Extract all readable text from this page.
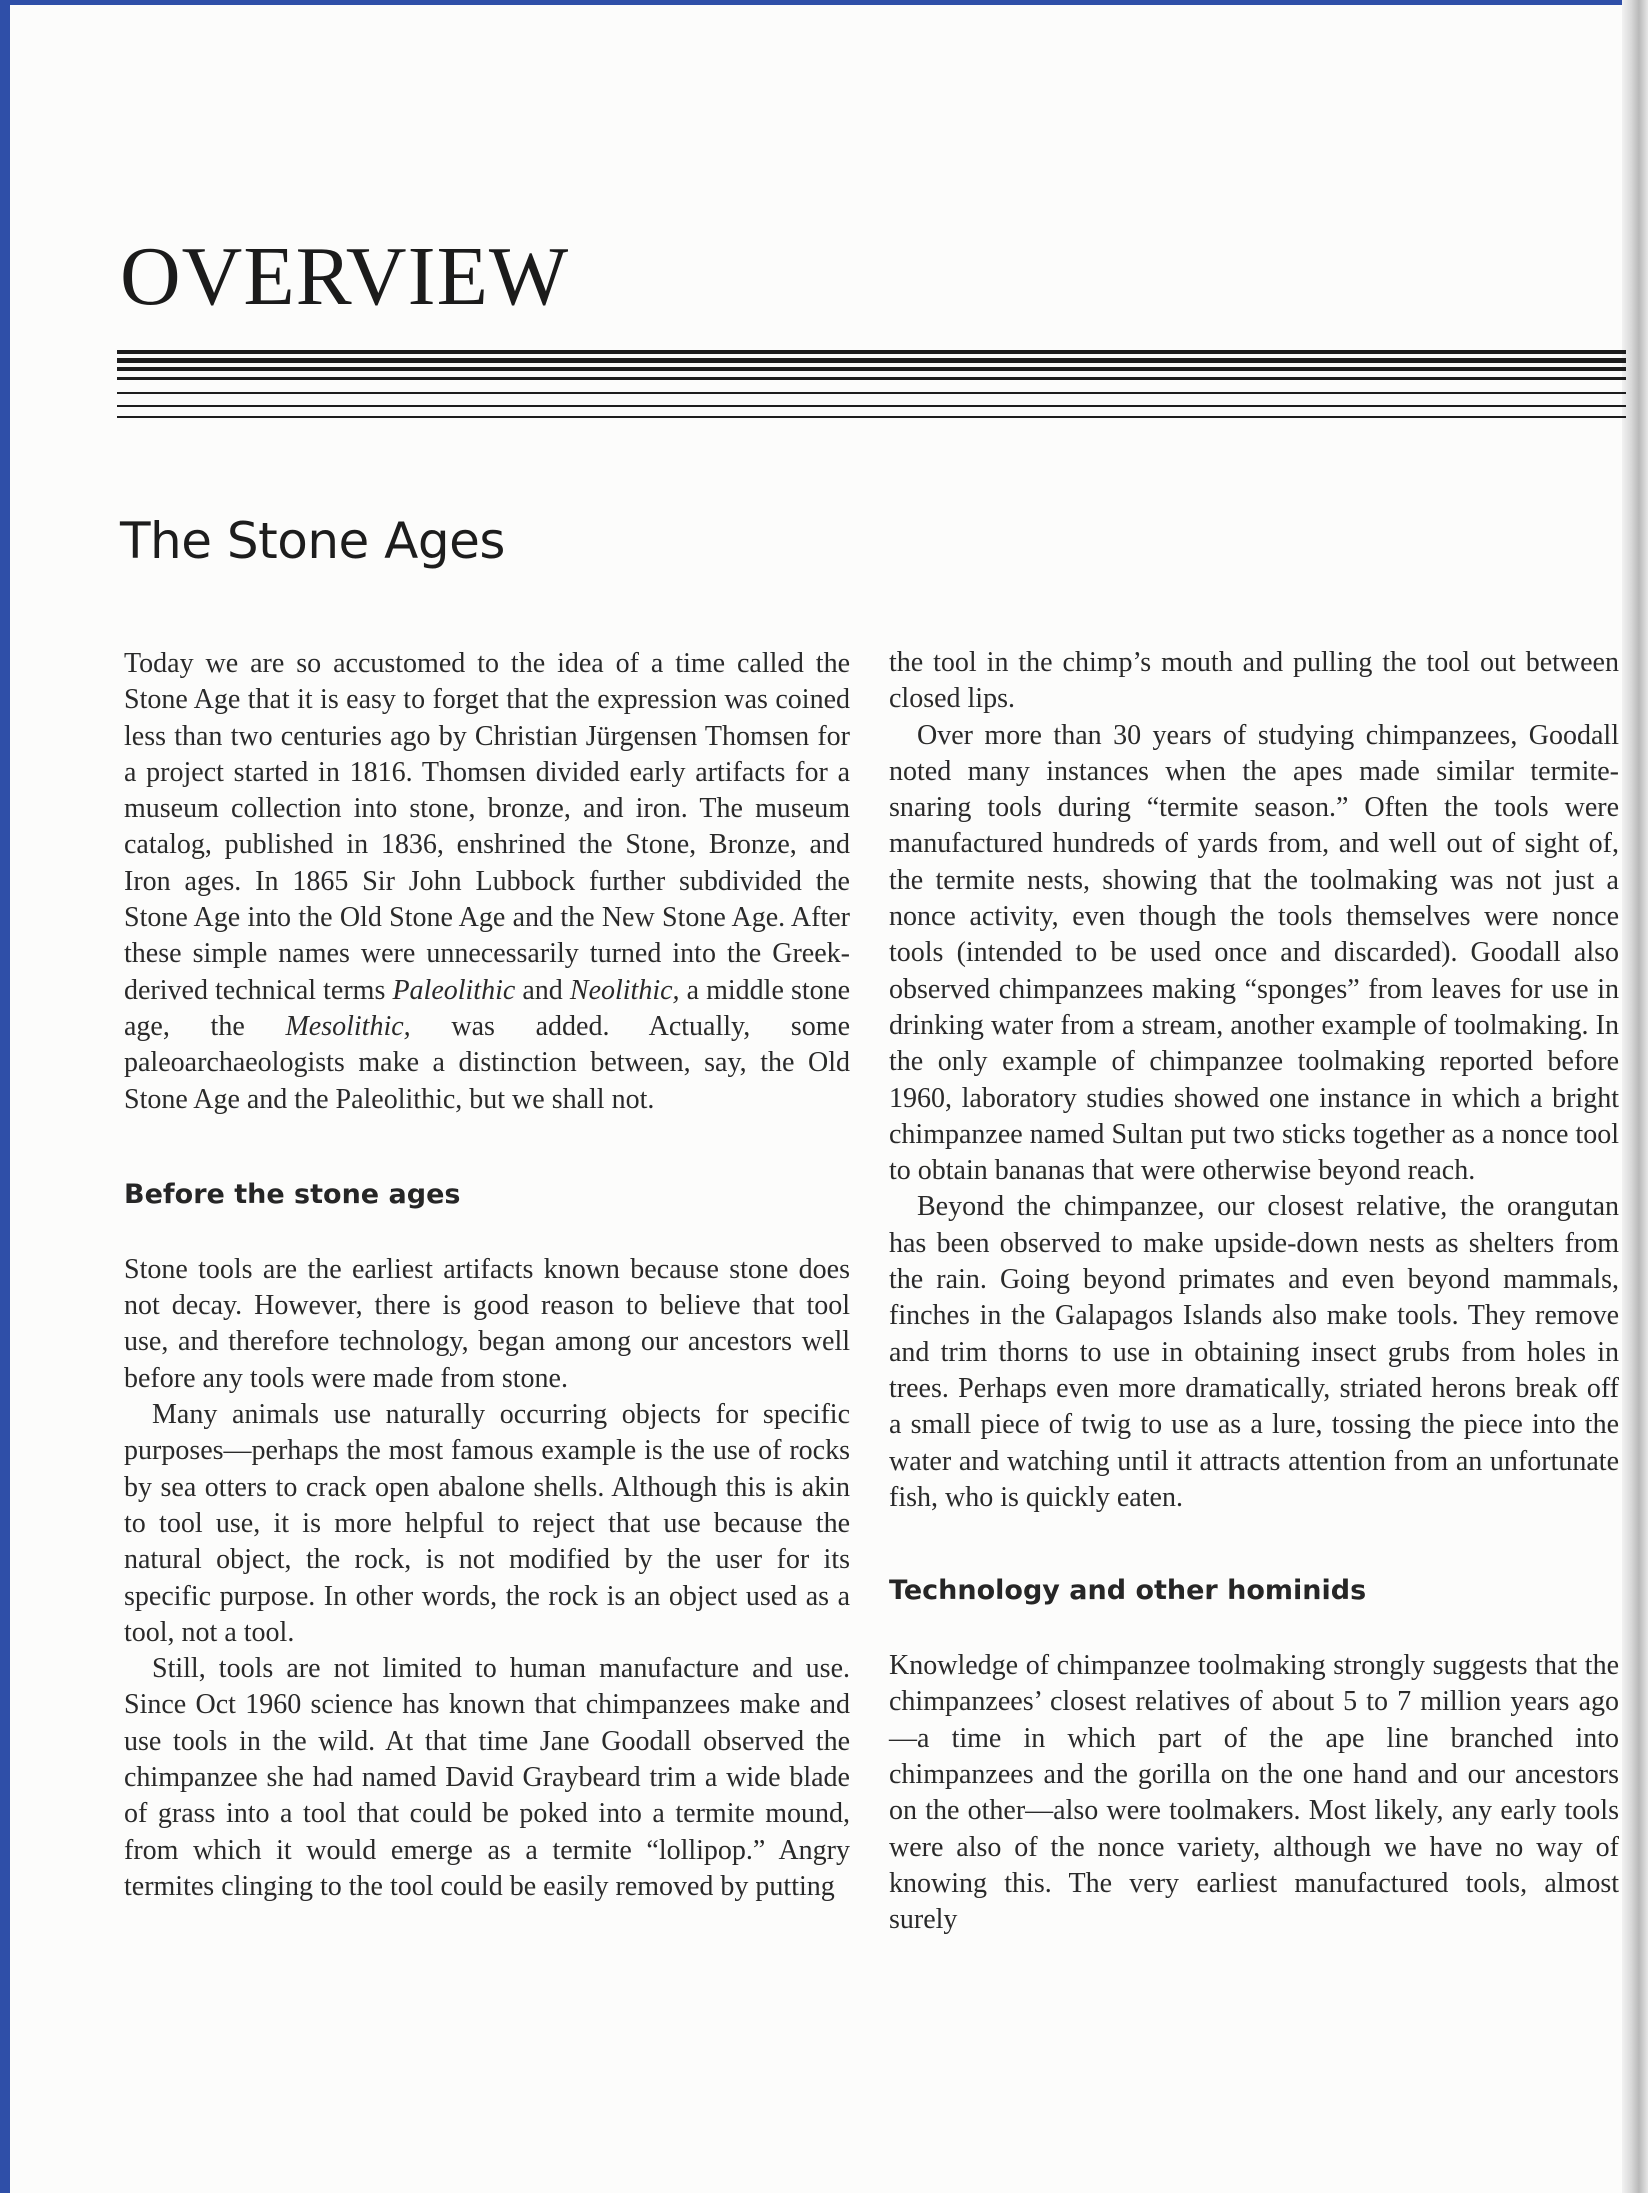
OVERVIEW
The Stone Ages

Today we are so accustomed to the idea of a time called the Stone Age that it is easy to forget that the expression was coined less than two centuries ago by Christian Jürgensen Thomsen for a project started in 1816. Thomsen divided early artifacts for a museum collection into stone, bronze, and iron. The museum catalog, published in 1836, enshrined the Stone, Bronze, and Iron ages. In 1865 Sir John Lubbock further subdivided the Stone Age into the Old Stone Age and the New Stone Age. After these simple names were unnecessarily turned into the Greek-derived technical terms Paleolithic and Neolithic, a middle stone age, the Mesolithic, was added. Actually, some paleoarchaeologists make a distinction between, say, the Old Stone Age and the Paleolithic, but we shall not.

Before the stone ages

Stone tools are the earliest artifacts known because stone does not decay. However, there is good reason to believe that tool use, and therefore technology, began among our ancestors well before any tools were made from stone.

Many animals use naturally occurring objects for specific purposes—perhaps the most famous example is the use of rocks by sea otters to crack open abalone shells. Although this is akin to tool use, it is more helpful to reject that use because the natural object, the rock, is not modified by the user for its specific purpose. In other words, the rock is an object used as a tool, not a tool.

Still, tools are not limited to human manufacture and use. Since Oct 1960 science has known that chimpanzees make and use tools in the wild. At that time Jane Goodall observed the chimpanzee she had named David Graybeard trim a wide blade of grass into a tool that could be poked into a termite mound, from which it would emerge as a termite “lollipop.” Angry termites clinging to the tool could be easily removed by putting

the tool in the chimp’s mouth and pulling the tool out between closed lips.

Over more than 30 years of studying chimpanzees, Goodall noted many instances when the apes made similar termite-snaring tools during “termite season.” Often the tools were manufactured hundreds of yards from, and well out of sight of, the termite nests, showing that the toolmaking was not just a nonce activity, even though the tools themselves were nonce tools (intended to be used once and discarded). Goodall also observed chimpanzees making “sponges” from leaves for use in drinking water from a stream, another example of toolmaking. In the only example of chimpanzee toolmaking reported before 1960, laboratory studies showed one instance in which a bright chimpanzee named Sultan put two sticks together as a nonce tool to obtain bananas that were otherwise beyond reach.

Beyond the chimpanzee, our closest relative, the orangutan has been observed to make upside-down nests as shelters from the rain. Going beyond primates and even beyond mammals, finches in the Galapagos Islands also make tools. They remove and trim thorns to use in obtaining insect grubs from holes in trees. Perhaps even more dramatically, striated herons break off a small piece of twig to use as a lure, tossing the piece into the water and watching until it attracts attention from an unfortunate fish, who is quickly eaten.

Technology and other hominids

Knowledge of chimpanzee toolmaking strongly suggests that the chimpanzees’ closest relatives of about 5 to 7 million years ago—a time in which part of the ape line branched into chimpanzees and the gorilla on the one hand and our ancestors on the other—also were toolmakers. Most likely, any early tools were also of the nonce variety, although we have no way of knowing this. The very earliest manufactured tools, almost surely
